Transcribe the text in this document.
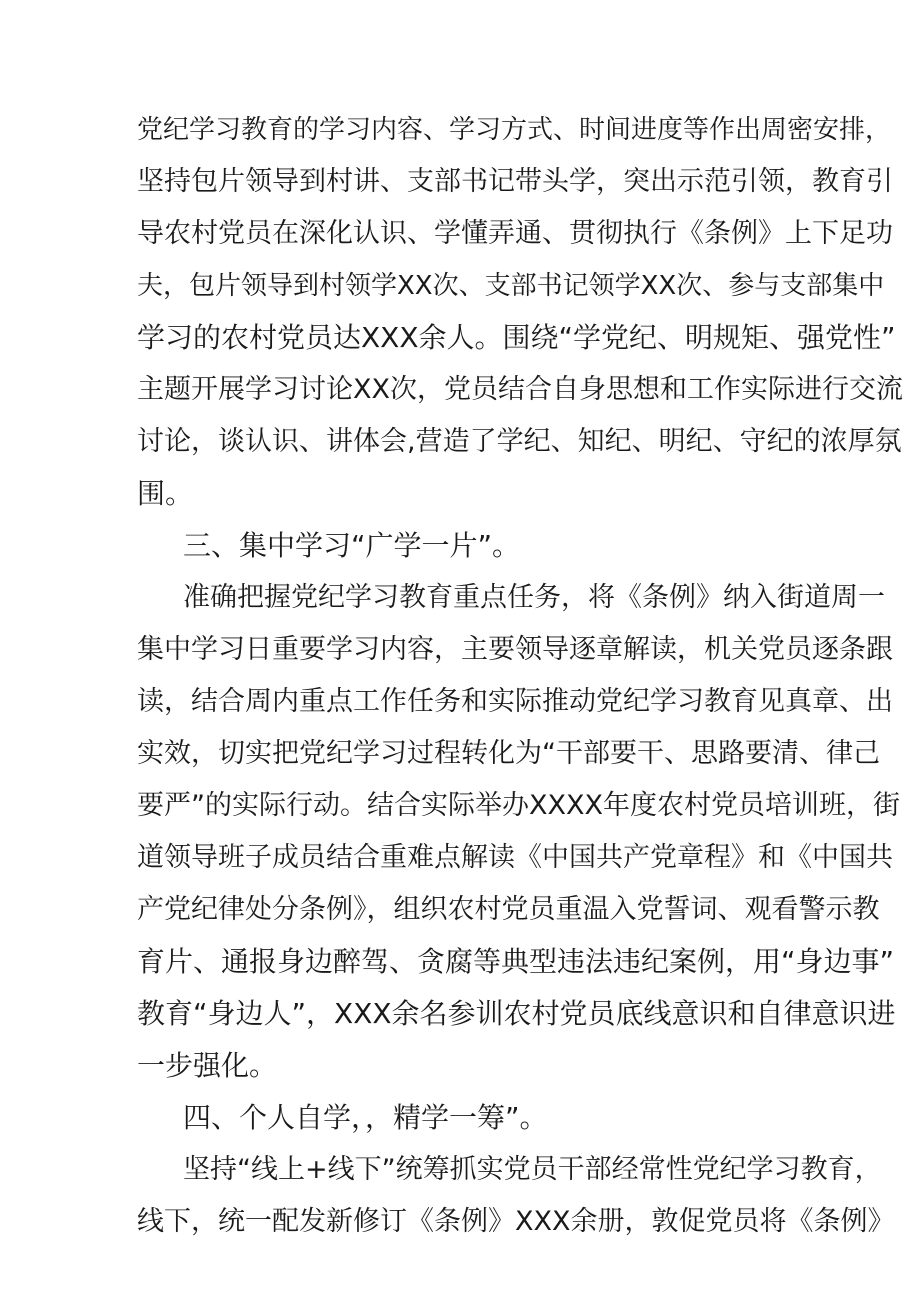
党纪学习教育的学习内容、学习方式、时间进度等作出周密安排，
坚持包片领导到村讲、支部书记带头学，突出示范引领，教育引
导农村党员在深化认识、学懂弄通、贯彻执行《条例》上下足功
夫，包片领导到村领学XX次、支部书记领学XX次、参与支部集中
学习的农村党员达XXX余人。围绕“学党纪、明规矩、强党性”
主题开展学习讨论XX次，党员结合自身思想和工作实际进行交流
讨论，谈认识、讲体会,营造了学纪、知纪、明纪、守纪的浓厚氛
围。
三、集中学习“广学一片”。
准确把握党纪学习教育重点任务，将《条例》纳入街道周一
集中学习日重要学习内容，主要领导逐章解读，机关党员逐条跟
读，结合周内重点工作任务和实际推动党纪学习教育见真章、出
实效，切实把党纪学习过程转化为“干部要干、思路要清、律己
要严”的实际行动。结合实际举办XXXX年度农村党员培训班，街
道领导班子成员结合重难点解读《中国共产党章程》和《中国共
产党纪律处分条例》，组织农村党员重温入党誓词、观看警示教
育片、通报身边醉驾、贪腐等典型违法违纪案例，用“身边事”
教育“身边人”，XXX余名参训农村党员底线意识和自律意识进
一步强化。
四、个人自学，，精学一筹”。
坚持“线上+线下”统筹抓实党员干部经常性党纪学习教育，
线下，统一配发新修订《条例》XXX余册，敦促党员将《条例》
